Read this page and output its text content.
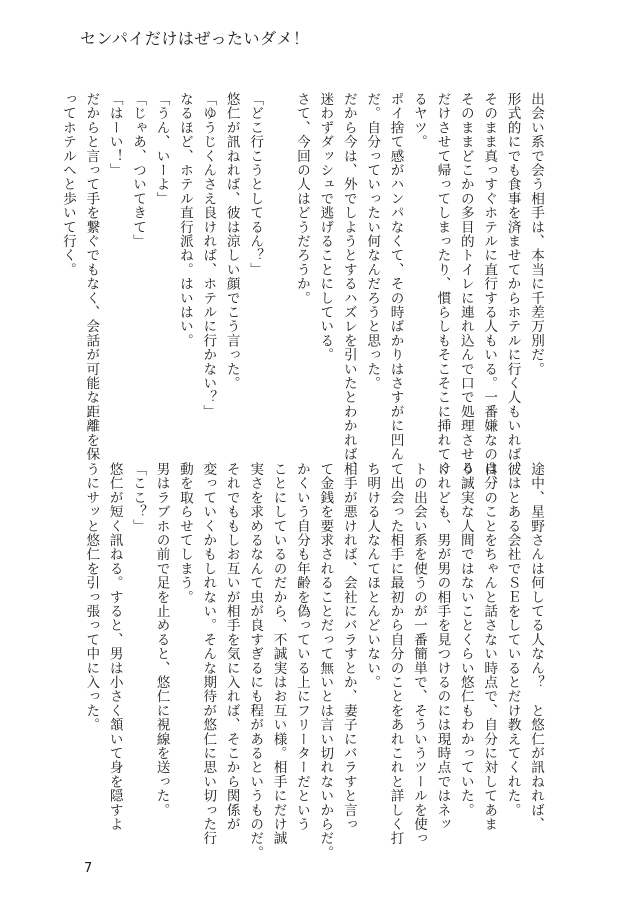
センパイだけはぜったいダメ！
出会い系で会う相手は、本当に千差万別だ。
形式的にでも食事を済ませてからホテルに行く人もいれば、
そのまま真っすぐホテルに直行する人もいる。一番嫌なのは、
そのままどこかの多目的トイレに連れ込んで口で処理させる
だけさせて帰ってしまったり、慣らしもそこそこに挿れてく
るヤツ。
ポイ捨て感がハンパなくて、その時ばかりはさすがに凹ん
だ。自分っていったい何なんだろうと思った。
だから今は、外でしようとするハズレを引いたとわかれば、
迷わずダッシュで逃げることにしている。
さて、今回の人はどうだろうか。

「どこ行こうとしてるん？」
悠仁が訊ねれば、彼は涼しい顔でこう言った。
「ゆうじくんさえ良ければ、ホテルに行かない？」
なるほど、ホテル直行派ね。はいはい。
「うん、いーよ」
「じゃあ、ついてきて」
「はーい！」
だからと言って手を繋ぐでもなく、会話が可能な距離を保
ってホテルへと歩いて行く。
途中、星野さんは何してる人なん？　と悠仁が訊ねれば、
彼はとある会社でＳＥをしているとだけ教えてくれた。
自分のことをちゃんと話さない時点で、自分に対してあま
り誠実な人間ではないことくらい悠仁もわかっていた。
けれども、男が男の相手を見つけるのには現時点ではネッ
トの出会い系を使うのが一番簡単で、そういうツールを使っ
て出会った相手に最初から自分のことをあれこれと詳しく打
ち明ける人なんてほとんどいない。
相手が悪ければ、会社にバラすとか、妻子にバラすと言っ
て金銭を要求されることだって無いとは言い切れないからだ。
かくいう自分も年齢を偽っている上にフリーターだという
ことにしているのだから、不誠実はお互い様。相手にだけ誠
実さを求めるなんて虫が良すぎるにも程があるというものだ。
それでももしお互いが相手を気に入れば、そこから関係が
変っていくかもしれない。そんな期待が悠仁に思い切った行
動を取らせてしまう。
男はラブホの前で足を止めると、悠仁に視線を送った。
「ここ？」
悠仁が短く訊ねる。すると、男は小さく頷いて身を隠すよ
うにサッと悠仁を引っ張って中に入った。
7
